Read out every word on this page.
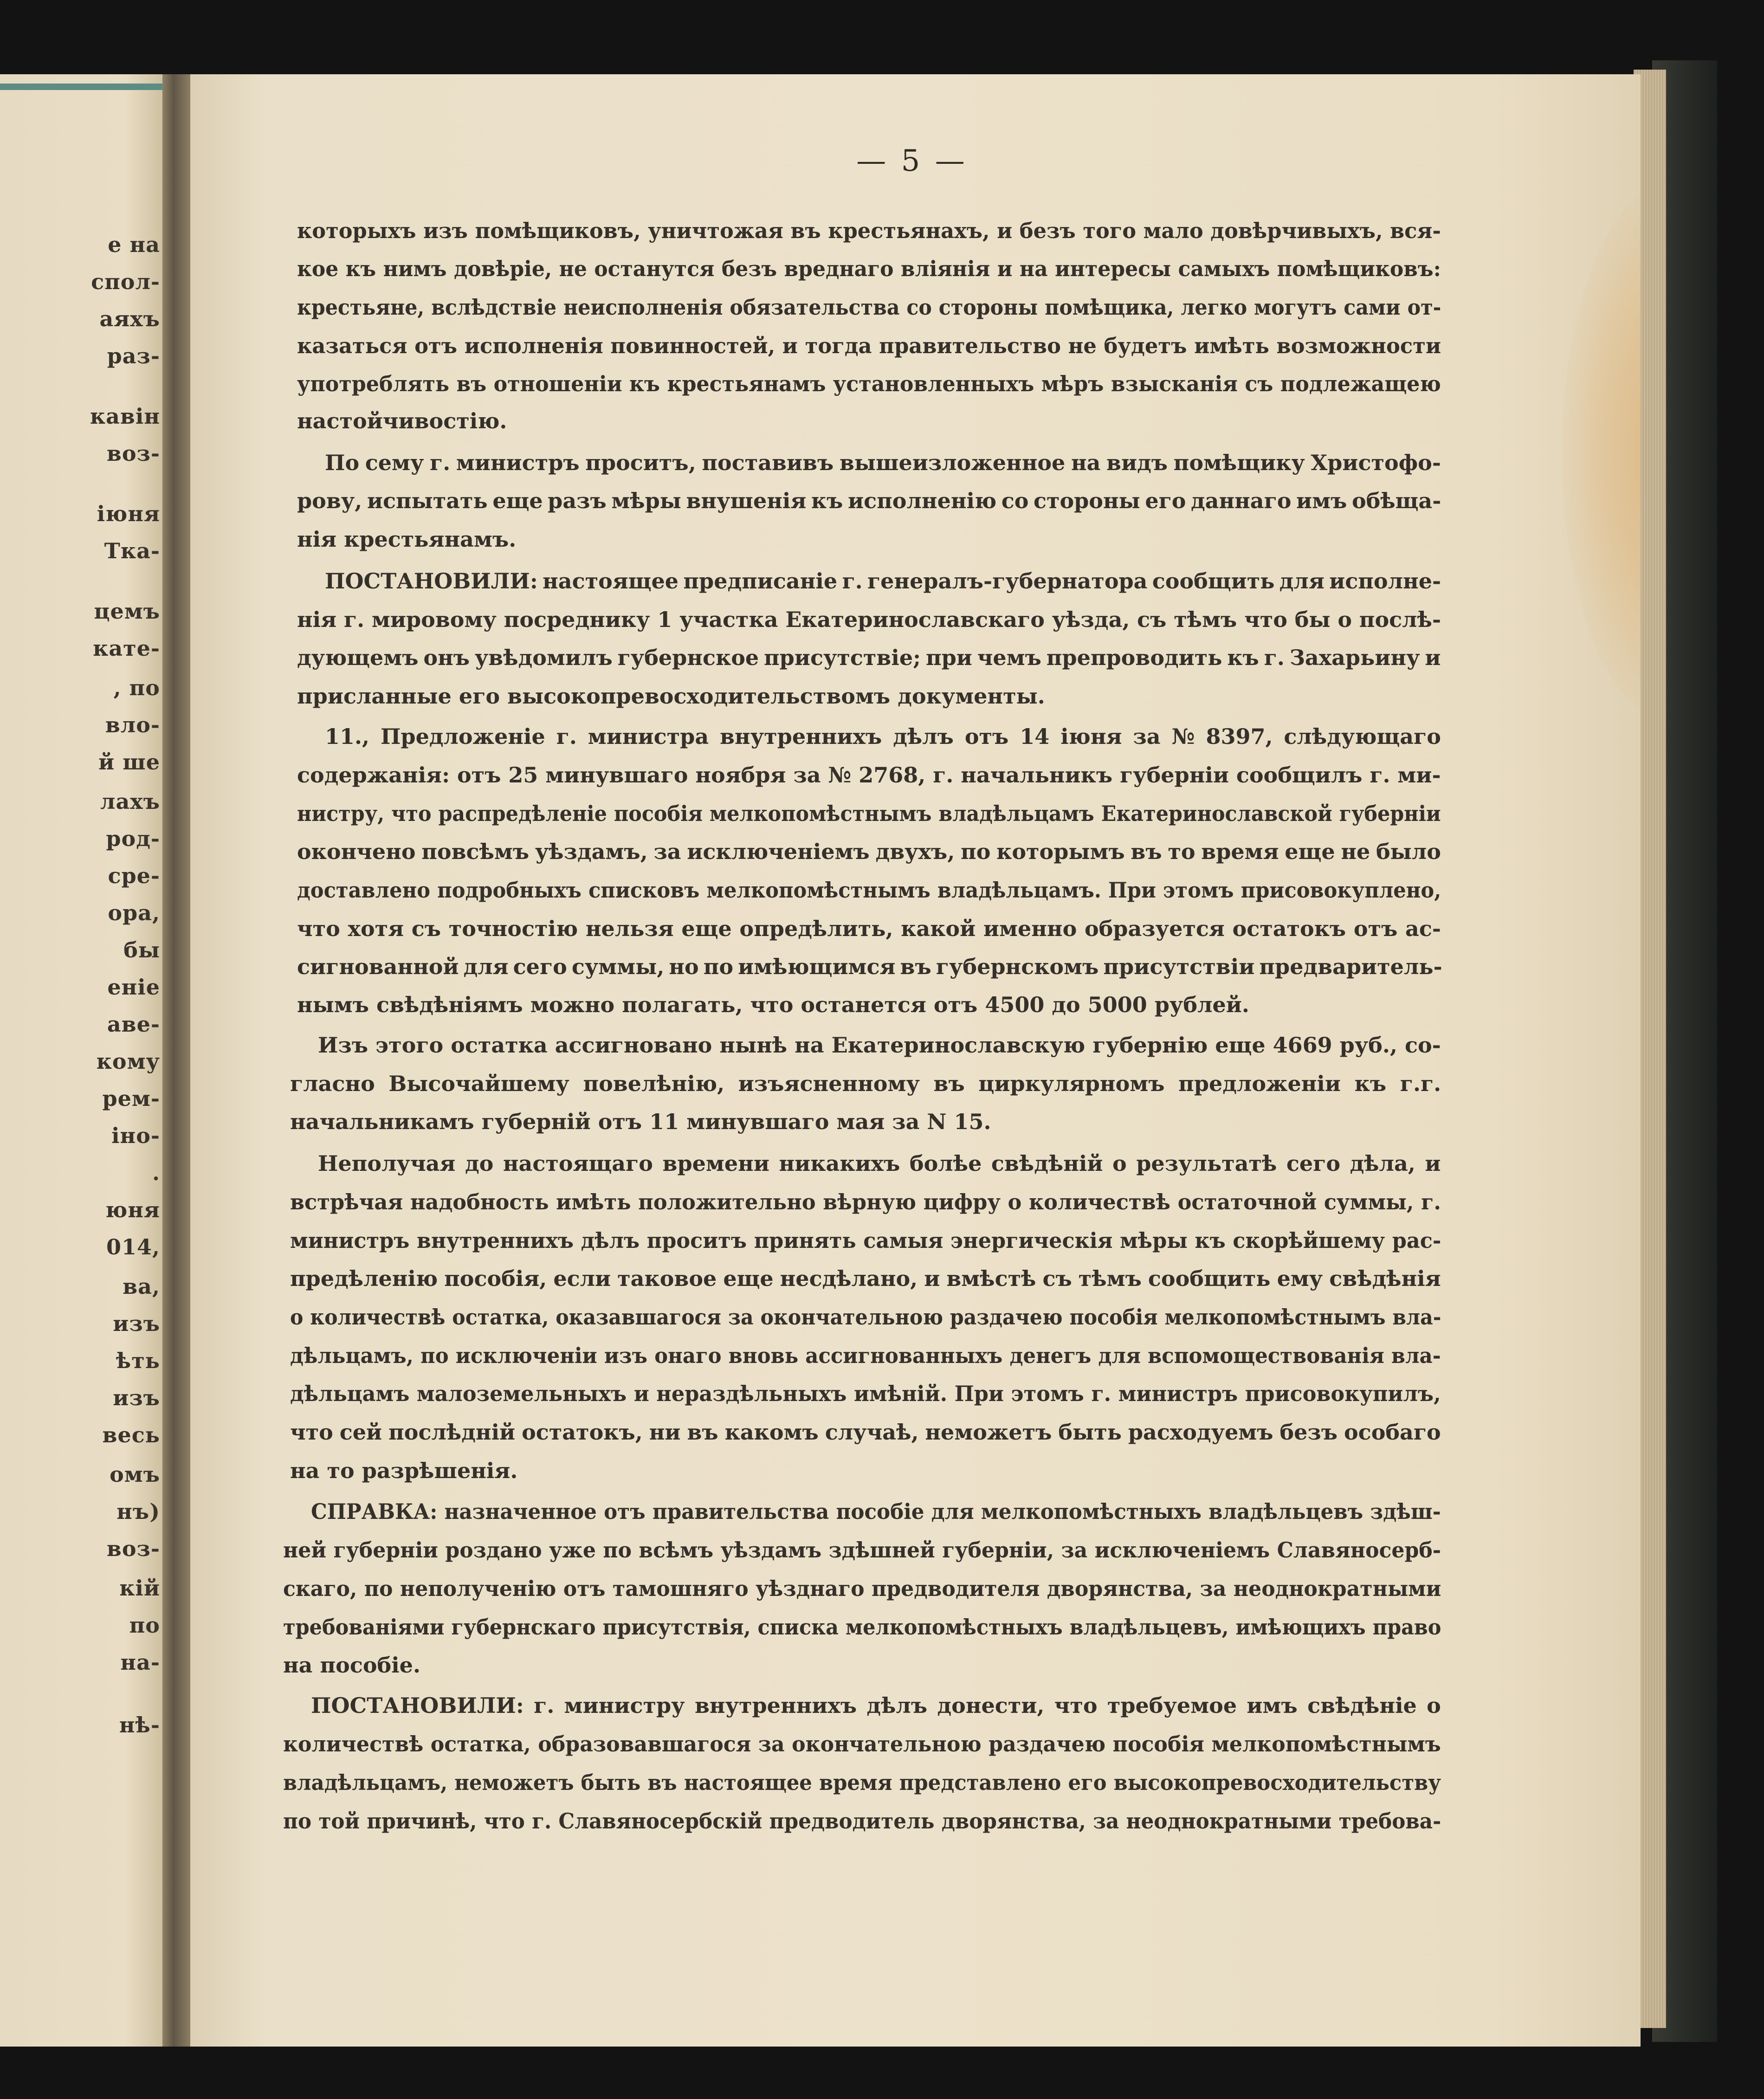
е на
спол-
аяхъ
раз-
кавін
воз-
іюня
Тка-
цемъ
кате-
, по
вло-
й ше
лахъ
род-
сре-
ора,
бы
еніе
аве-
кому
рем-
іно-
.
юня
014,
ва,
изъ
ѣть
изъ
весь
омъ
нъ)
воз-
кій
по
на-
нѣ-
— 5 —
которыхъ изъ помѣщиковъ, уничтожая въ крестьянахъ, и безъ того мало довѣрчивыхъ, вся-
кое къ нимъ довѣріе, не останутся безъ вреднаго вліянія и на интересы самыхъ помѣщиковъ:
крестьяне, вслѣдствіе неисполненія обязательства со стороны помѣщика, легко могутъ сами от-
казаться отъ исполненія повинностей, и тогда правительство не будетъ имѣть возможности
употреблять въ отношеніи къ крестьянамъ установленныхъ мѣръ взысканія съ подлежащею
настойчивостію.
По сему г. министръ проситъ, поставивъ вышеизложенное на видъ помѣщику Христофо-
рову, испытать еще разъ мѣры внушенія къ исполненію со стороны его даннаго имъ обѣща-
нія крестьянамъ.
ПОСТАНОВИЛИ: настоящее предписаніе г. генералъ-губернатора сообщить для исполне-
нія г. мировому посреднику 1 участка Екатеринославскаго уѣзда, съ тѣмъ что бы о послѣ-
дующемъ онъ увѣдомилъ губернское присутствіе; при чемъ препроводить къ г. Захарьину и
присланные его высокопревосходительствомъ документы.
11., Предложеніе г. министра внутреннихъ дѣлъ отъ 14 іюня за № 8397, слѣдующаго
содержанія: отъ 25 минувшаго ноября за № 2768, г. начальникъ губерніи сообщилъ г. ми-
нистру, что распредѣленіе пособія мелкопомѣстнымъ владѣльцамъ Екатеринославской губерніи
окончено повсѣмъ уѣздамъ, за исключеніемъ двухъ, по которымъ въ то время еще не было
доставлено подробныхъ списковъ мелкопомѣстнымъ владѣльцамъ. При этомъ присовокуплено,
что хотя съ точностію нельзя еще опредѣлить, какой именно образуется остатокъ отъ ас-
сигнованной для сего суммы, но по имѣющимся въ губернскомъ присутствіи предваритель-
нымъ свѣдѣніямъ можно полагать, что останется отъ 4500 до 5000 рублей.
Изъ этого остатка ассигновано нынѣ на Екатеринославскую губернію еще 4669 руб., со-
гласно Высочайшему повелѣнію, изъясненному въ циркулярномъ предложеніи къ г.г.
начальникамъ губерній отъ 11 минувшаго мая за N 15.
Неполучая до настоящаго времени никакихъ болѣе свѣдѣній о результатѣ сего дѣла, и
встрѣчая надобность имѣть положительно вѣрную цифру о количествѣ остаточной суммы, г.
министръ внутреннихъ дѣлъ проситъ принять самыя энергическія мѣры къ скорѣйшему рас-
предѣленію пособія, если таковое еще несдѣлано, и вмѣстѣ съ тѣмъ сообщить ему свѣдѣнія
о количествѣ остатка, оказавшагося за окончательною раздачею пособія мелкопомѣстнымъ вла-
дѣльцамъ, по исключеніи изъ онаго вновь ассигнованныхъ денегъ для вспомоществованія вла-
дѣльцамъ малоземельныхъ и нераздѣльныхъ имѣній. При этомъ г. министръ присовокупилъ,
что сей послѣдній остатокъ, ни въ какомъ случаѣ, неможетъ быть расходуемъ безъ особаго
на то разрѣшенія.
СПРАВКА: назначенное отъ правительства пособіе для мелкопомѣстныхъ владѣльцевъ здѣш-
ней губерніи роздано уже по всѣмъ уѣздамъ здѣшней губерніи, за исключеніемъ Славяносерб-
скаго, по неполученію отъ тамошняго уѣзднаго предводителя дворянства, за неоднократными
требованіями губернскаго присутствія, списка мелкопомѣстныхъ владѣльцевъ, имѣющихъ право
на пособіе.
ПОСТАНОВИЛИ: г. министру внутреннихъ дѣлъ донести, что требуемое имъ свѣдѣніе о
количествѣ остатка, образовавшагося за окончательною раздачею пособія мелкопомѣстнымъ
владѣльцамъ, неможетъ быть въ настоящее время представлено его высокопревосходительству
по той причинѣ, что г. Славяносербскій предводитель дворянства, за неоднократными требова-
